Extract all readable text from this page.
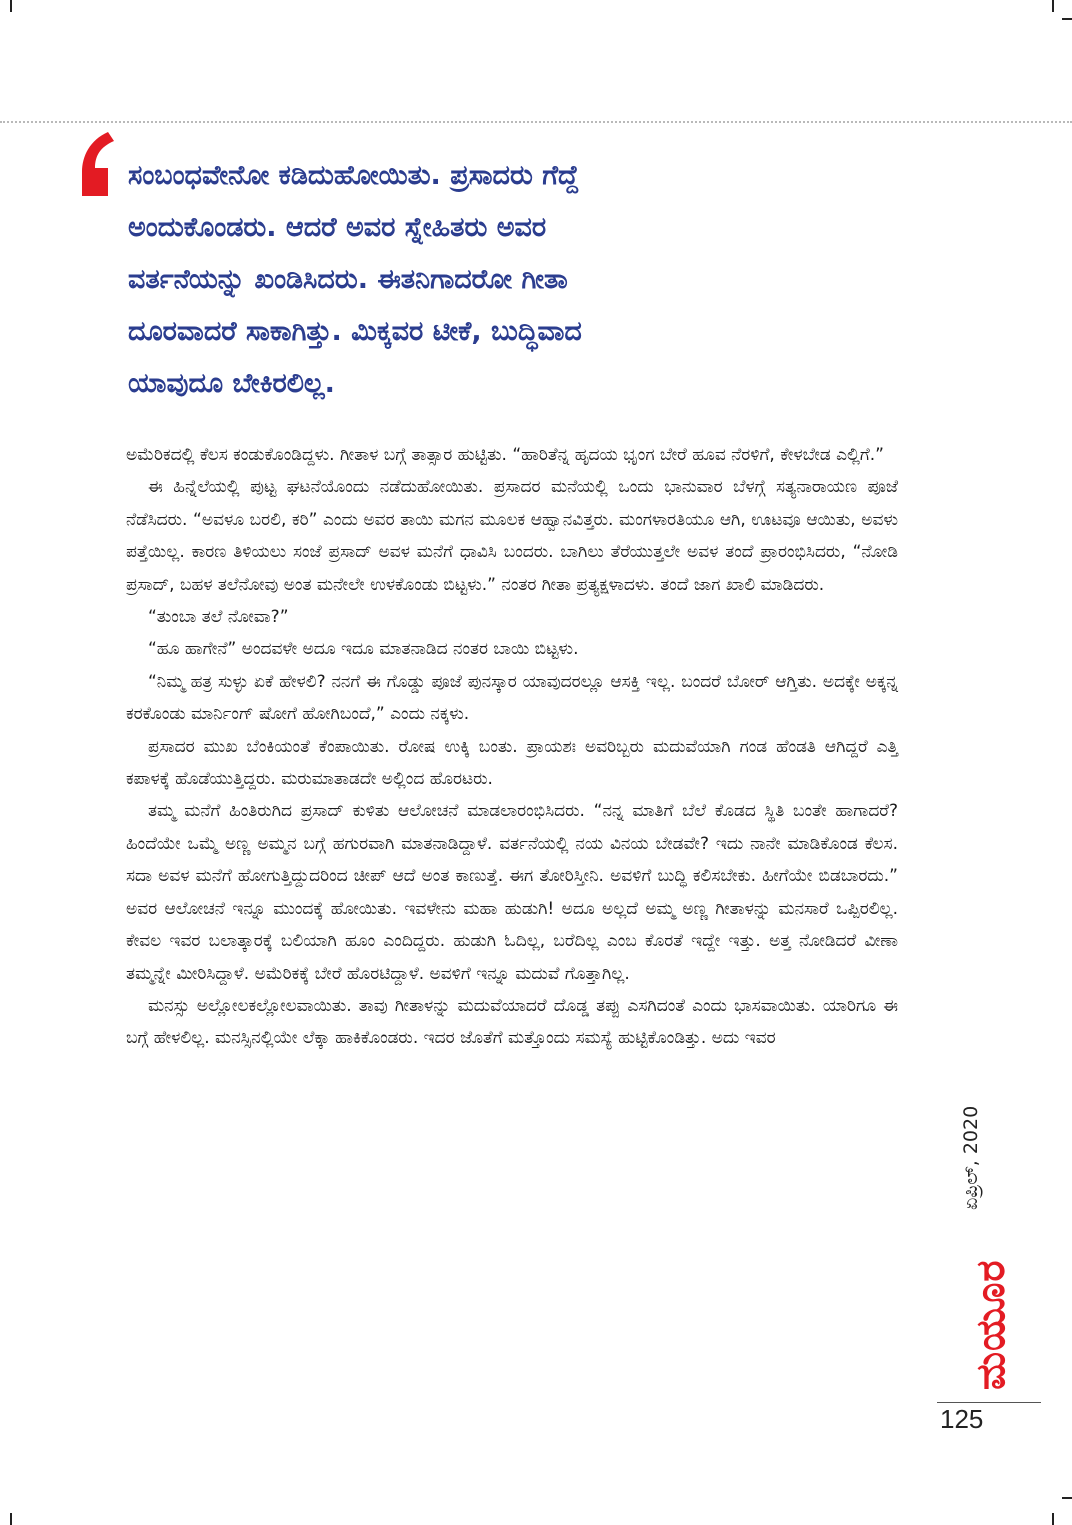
ಸಂಬಂಧವೇನೋ ಕಡಿದುಹೋಯಿತು. ಪ್ರಸಾದರು ಗೆದ್ದೆ
ಅಂದುಕೊಂಡರು. ಆದರೆ ಅವರ ಸ್ನೇಹಿತರು ಅವರ
ವರ್ತನೆಯನ್ನು ಖಂಡಿಸಿದರು. ಈತನಿಗಾದರೋ ಗೀತಾ
ದೂರವಾದರೆ ಸಾಕಾಗಿತ್ತು. ಮಿಕ್ಕವರ ಟೀಕೆ, ಬುದ್ಧಿವಾದ
ಯಾವುದೂ ಬೇಕಿರಲಿಲ್ಲ.

ಅಮೆರಿಕದಲ್ಲಿ ಕೆಲಸ ಕಂಡುಕೊಂಡಿದ್ದಳು. ಗೀತಾಳ ಬಗ್ಗೆ ತಾತ್ಸಾರ ಹುಟ್ಟಿತು. “ಹಾರಿತೆನ್ನ ಹೃದಯ ಭೃಂಗ ಬೇರೆ ಹೂವ ನೆರಳಿಗೆ, ಕೇಳಬೇಡ ಎಲ್ಲಿಗೆ.”

ಈ ಹಿನ್ನೆಲೆಯಲ್ಲಿ ಪುಟ್ಟ ಘಟನೆಯೊಂದು ನಡೆದುಹೋಯಿತು. ಪ್ರಸಾದರ ಮನೆಯಲ್ಲಿ ಒಂದು ಭಾನುವಾರ ಬೆಳಗ್ಗೆ ಸತ್ಯನಾರಾಯಣ ಪೂಜೆ ನೆಡೆಸಿದರು. “ಅವಳೂ ಬರಲಿ, ಕರಿ” ಎಂದು ಅವರ ತಾಯಿ ಮಗನ ಮೂಲಕ ಆಹ್ವಾನವಿತ್ತರು. ಮಂಗಳಾರತಿಯೂ ಆಗಿ, ಊಟವೂ ಆಯಿತು, ಅವಳು ಪತ್ತೆಯಿಲ್ಲ. ಕಾರಣ ತಿಳಿಯಲು ಸಂಜೆ ಪ್ರಸಾದ್ ಅವಳ ಮನೆಗೆ ಧಾವಿಸಿ ಬಂದರು. ಬಾಗಿಲು ತೆರೆಯುತ್ತಲೇ ಅವಳ ತಂದೆ ಪ್ರಾರಂಭಿಸಿದರು, “ನೋಡಿ ಪ್ರಸಾದ್, ಬಹಳ ತಲೆನೋವು ಅಂತ ಮನೇಲೇ ಉಳಕೊಂಡು ಬಿಟ್ಟಳು.” ನಂತರ ಗೀತಾ ಪ್ರತ್ಯಕ್ಷಳಾದಳು. ತಂದೆ ಜಾಗ ಖಾಲಿ ಮಾಡಿದರು.

“ತುಂಬಾ ತಲೆ ನೋವಾ?”

“ಹೂ ಹಾಗೇನೆ” ಅಂದವಳೇ ಅದೂ ಇದೂ ಮಾತನಾಡಿದ ನಂತರ ಬಾಯಿ ಬಿಟ್ಟಳು.

“ನಿಮ್ಮ ಹತ್ರ ಸುಳ್ಳು ಏಕೆ ಹೇಳಲಿ? ನನಗೆ ಈ ಗೊಡ್ಡು ಪೂಜೆ ಪುನಸ್ಕಾರ ಯಾವುದರಲ್ಲೂ ಆಸಕ್ತಿ ಇಲ್ಲ. ಬಂದರೆ ಬೋರ್ ಆಗ್ತಿತು. ಅದಕ್ಕೇ ಅಕ್ಕನ್ನ ಕರಕೊಂಡು ಮಾರ್ನಿಂಗ್ ಷೋಗೆ ಹೋಗಿಬಂದೆ,” ಎಂದು ನಕ್ಕಳು.

ಪ್ರಸಾದರ ಮುಖ ಬೆಂಕಿಯಂತೆ ಕೆಂಪಾಯಿತು. ರೋಷ ಉಕ್ಕಿ ಬಂತು. ಪ್ರಾಯಶಃ ಅವರಿಬ್ಬರು ಮದುವೆಯಾಗಿ ಗಂಡ ಹೆಂಡತಿ ಆಗಿದ್ದರೆ ಎತ್ತಿ ಕಪಾಳಕ್ಕೆ ಹೊಡೆಯುತ್ತಿದ್ದರು. ಮರುಮಾತಾಡದೇ ಅಲ್ಲಿಂದ ಹೊರಟರು.

ತಮ್ಮ ಮನೆಗೆ ಹಿಂತಿರುಗಿದ ಪ್ರಸಾದ್ ಕುಳಿತು ಆಲೋಚನೆ ಮಾಡಲಾರಂಭಿಸಿದರು. “ನನ್ನ ಮಾತಿಗೆ ಬೆಲೆ ಕೊಡದ ಸ್ಥಿತಿ ಬಂತೇ ಹಾಗಾದರೆ? ಹಿಂದೆಯೇ ಒಮ್ಮೆ ಅಣ್ಣ ಅಮ್ಮನ ಬಗ್ಗೆ ಹಗುರವಾಗಿ ಮಾತನಾಡಿದ್ದಾಳೆ. ವರ್ತನೆಯಲ್ಲಿ ನಯ ವಿನಯ ಬೇಡವೇ? ಇದು ನಾನೇ ಮಾಡಿಕೊಂಡ ಕೆಲಸ. ಸದಾ ಅವಳ ಮನೆಗೆ ಹೋಗುತ್ತಿದ್ದುದರಿಂದ ಚೀಪ್ ಆದೆ ಅಂತ ಕಾಣುತ್ತೆ. ಈಗ ತೋರಿಸ್ತೀನಿ. ಅವಳಿಗೆ ಬುದ್ಧಿ ಕಲಿಸಬೇಕು. ಹೀಗೆಯೇ ಬಿಡಬಾರದು.” ಅವರ ಆಲೋಚನೆ ಇನ್ನೂ ಮುಂದಕ್ಕೆ ಹೋಯಿತು. ಇವಳೇನು ಮಹಾ ಹುಡುಗಿ! ಅದೂ ಅಲ್ಲದೆ ಅಮ್ಮ ಅಣ್ಣ ಗೀತಾಳನ್ನು ಮನಸಾರೆ ಒಪ್ಪಿರಲಿಲ್ಲ. ಕೇವಲ ಇವರ ಬಲಾತ್ಕಾರಕ್ಕೆ ಬಲಿಯಾಗಿ ಹೂಂ ಎಂದಿದ್ದರು. ಹುಡುಗಿ ಓದಿಲ್ಲ, ಬರೆದಿಲ್ಲ ಎಂಬ ಕೊರತೆ ಇದ್ದೇ ಇತ್ತು. ಅತ್ತ ನೋಡಿದರೆ ವೀಣಾ ತಮ್ಮನ್ನೇ ಮೀರಿಸಿದ್ದಾಳೆ. ಅಮೆರಿಕಕ್ಕೆ ಬೇರೆ ಹೊರಟಿದ್ದಾಳೆ. ಅವಳಿಗೆ ಇನ್ನೂ ಮದುವೆ ಗೊತ್ತಾಗಿಲ್ಲ.

ಮನಸ್ಸು ಅಲ್ಲೋಲಕಲ್ಲೋಲವಾಯಿತು. ತಾವು ಗೀತಾಳನ್ನು ಮದುವೆಯಾದರೆ ದೊಡ್ಡ ತಪ್ಪು ಎಸಗಿದಂತೆ ಎಂದು ಭಾಸವಾಯಿತು. ಯಾರಿಗೂ ಈ ಬಗ್ಗೆ ಹೇಳಲಿಲ್ಲ. ಮನಸ್ಸಿನಲ್ಲಿಯೇ ಲೆಕ್ಕಾ ಹಾಕಿಕೊಂಡರು. ಇದರ ಜೊತೆಗೆ ಮತ್ತೊಂದು ಸಮಸ್ಯೆ ಹುಟ್ಟಿಕೊಂಡಿತ್ತು. ಅದು ಇವರ

ಏಪ್ರಿಲ್, 2020
ಮಯೂರ
125
